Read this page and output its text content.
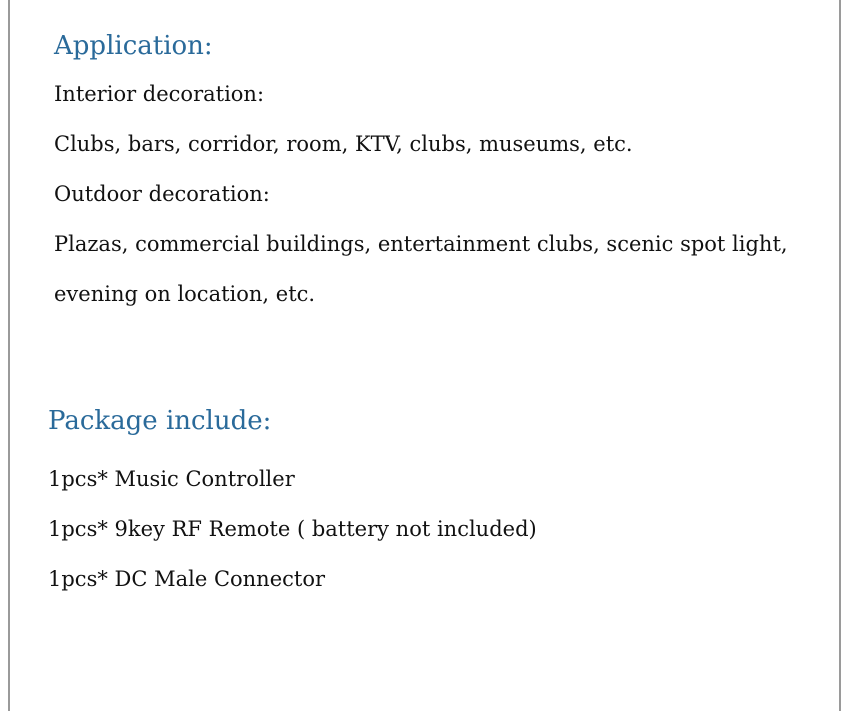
Application:

Interior decoration:

Clubs, bars, corridor, room, KTV, clubs, museums, etc.

Outdoor decoration:

Plazas, commercial buildings, entertainment clubs, scenic spot light,

evening on location, etc.

Package include:

1pcs* Music Controller

1pcs* 9key RF Remote ( battery not included)

1pcs* DC Male Connector
